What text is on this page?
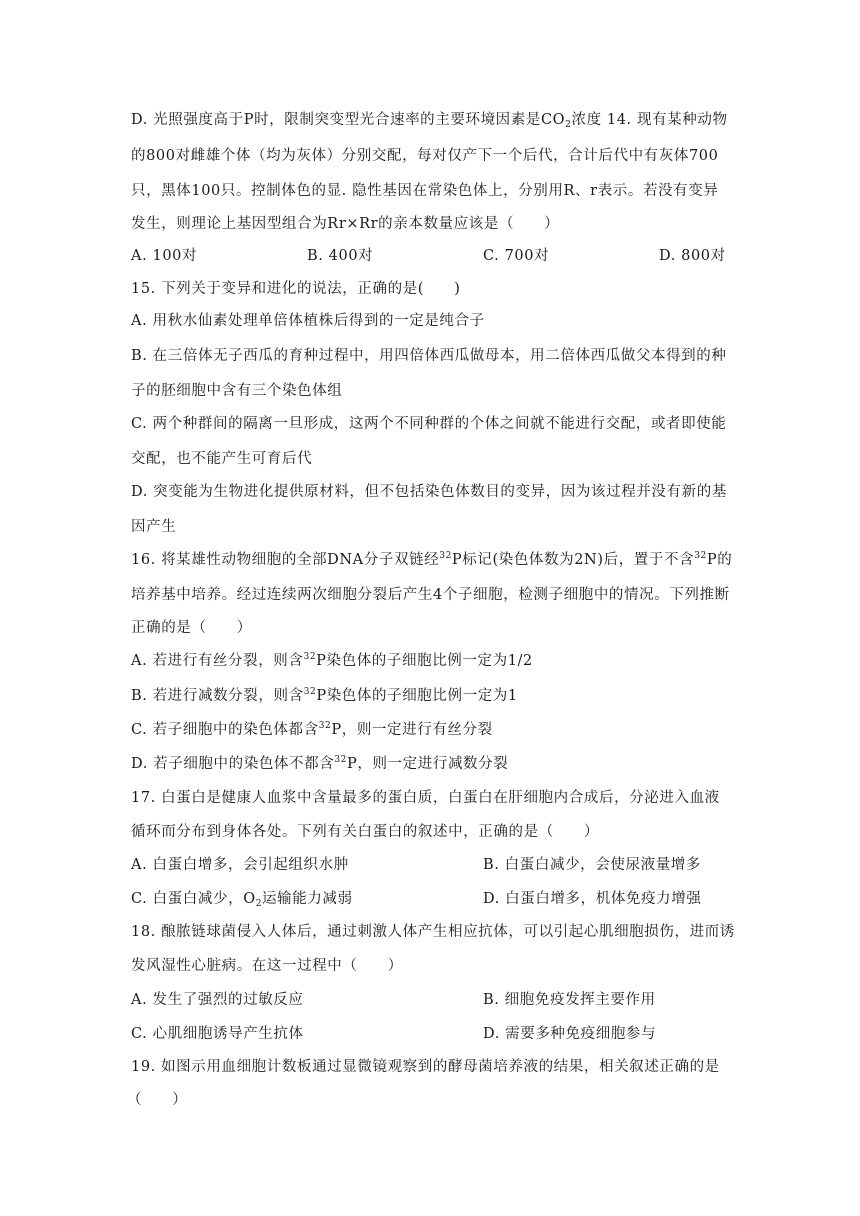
D. 光照强度高于P时，限制突变型光合速率的主要环境因素是$CO_2$浓度 14. 现有某种动物
的800对雌雄个体（均为灰体）分别交配，每对仅产下一个后代，合计后代中有灰体700
只，黑体100只。控制体色的显. 隐性基因在常染色体上，分别用R、r表示。若没有变异
发生，则理论上基因型组合为Rr×Rr的亲本数量应该是（　　）
A. 100对	B. 400对	C. 700对	D. 800对
15. 下列关于变异和进化的说法，正确的是(　　)
A. 用秋水仙素处理单倍体植株后得到的一定是纯合子
B. 在三倍体无子西瓜的育种过程中，用四倍体西瓜做母本，用二倍体西瓜做父本得到的种
子的胚细胞中含有三个染色体组
C. 两个种群间的隔离一旦形成，这两个不同种群的个体之间就不能进行交配，或者即使能
交配，也不能产生可育后代
D. 突变能为生物进化提供原材料，但不包括染色体数目的变异，因为该过程并没有新的基
因产生
16. 将某雄性动物细胞的全部DNA分子双链经$^{32}$P标记(染色体数为2N)后，置于不含$^{32}$P的
培养基中培养。经过连续两次细胞分裂后产生4个子细胞，检测子细胞中的情况。下列推断
正确的是（　　）
A. 若进行有丝分裂，则含$^{32}$P染色体的子细胞比例一定为1/2
B. 若进行减数分裂，则含$^{32}$P染色体的子细胞比例一定为1
C. 若子细胞中的染色体都含$^{32}$P，则一定进行有丝分裂
D. 若子细胞中的染色体不都含$^{32}$P，则一定进行减数分裂
17. 白蛋白是健康人血浆中含量最多的蛋白质，白蛋白在肝细胞内合成后，分泌进入血液
循环而分布到身体各处。下列有关白蛋白的叙述中，正确的是（　　）
A. 白蛋白增多，会引起组织水肿	B. 白蛋白减少，会使尿液量增多
C. 白蛋白减少，$O_2$运输能力减弱	D. 白蛋白增多，机体免疫力增强
18. 酿脓链球菌侵入人体后，通过刺激人体产生相应抗体，可以引起心肌细胞损伤，进而诱
发风湿性心脏病。在这一过程中（　　）
A. 发生了强烈的过敏反应	B. 细胞免疫发挥主要作用
C. 心肌细胞诱导产生抗体	D. 需要多种免疫细胞参与
19. 如图示用血细胞计数板通过显微镜观察到的酵母菌培养液的结果，相关叙述正确的是
（　　）
